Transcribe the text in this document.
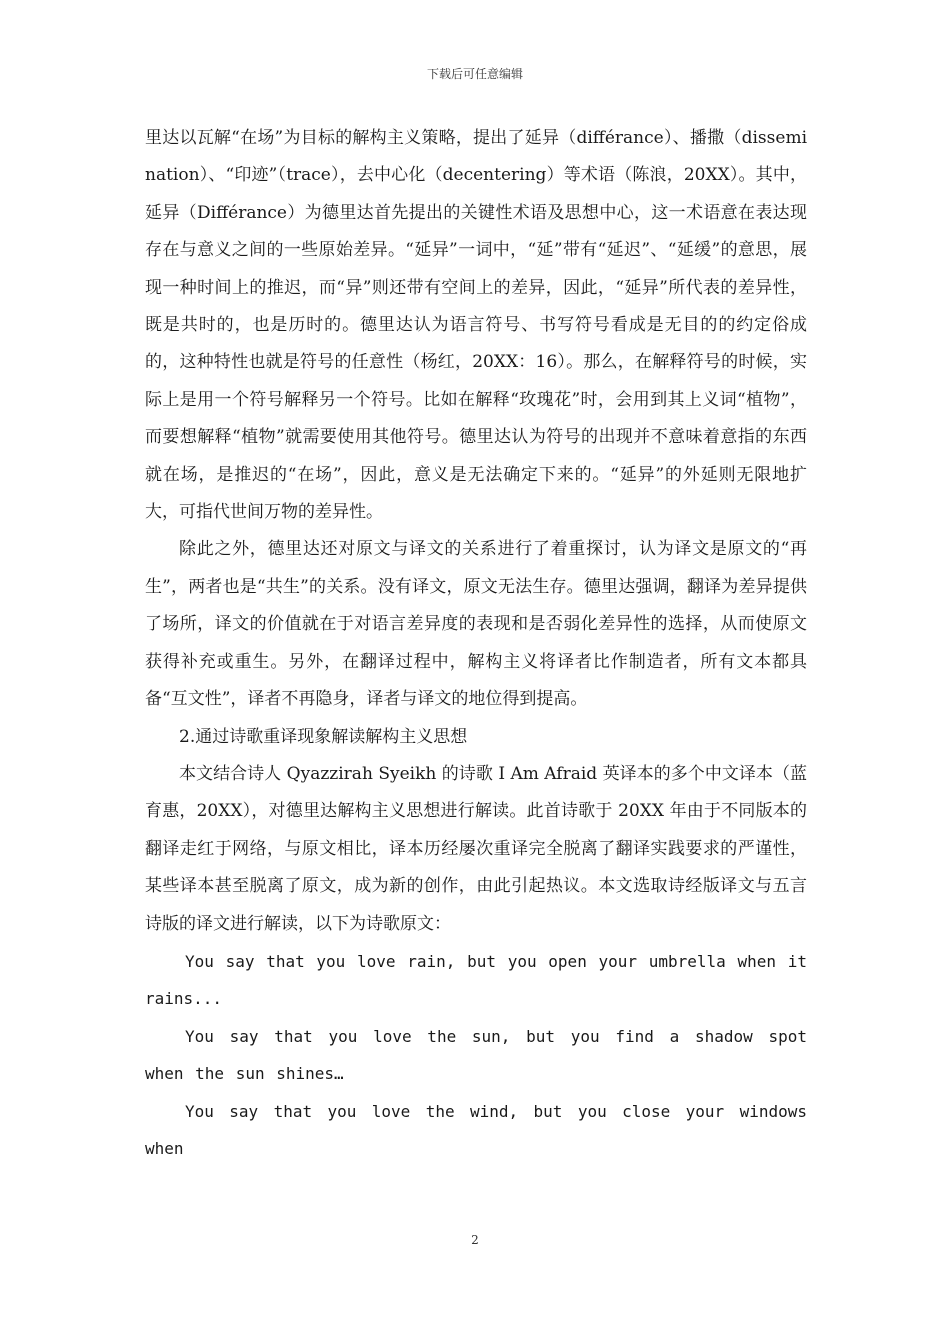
下载后可任意编辑

里达以瓦解“在场”为目标的解构主义策略，提出了延异（différance）、播撒（dissemination）、“印迹”（trace），去中心化（decentering）等术语（陈浪，20XX）。其中，延异（Différance）为德里达首先提出的关键性术语及思想中心，这一术语意在表达现存在与意义之间的一些原始差异。“延异”一词中，“延”带有“延迟”、“延缓”的意思，展现一种时间上的推迟，而“异”则还带有空间上的差异，因此，“延异”所代表的差异性，既是共时的，也是历时的。德里达认为语言符号、书写符号看成是无目的的约定俗成的，这种特性也就是符号的任意性（杨红，20XX：16）。那么，在解释符号的时候，实际上是用一个符号解释另一个符号。比如在解释“玫瑰花”时，会用到其上义词“植物”，而要想解释“植物”就需要使用其他符号。德里达认为符号的出现并不意味着意指的东西就在场，是推迟的“在场”，因此，意义是无法确定下来的。“延异”的外延则无限地扩大，可指代世间万物的差异性。

除此之外，德里达还对原文与译文的关系进行了着重探讨，认为译文是原文的“再生”，两者也是“共生”的关系。没有译文，原文无法生存。德里达强调，翻译为差异提供了场所，译文的价值就在于对语言差异度的表现和是否弱化差异性的选择，从而使原文获得补充或重生。另外，在翻译过程中，解构主义将译者比作制造者，所有文本都具备“互文性”，译者不再隐身，译者与译文的地位得到提高。

2.通过诗歌重译现象解读解构主义思想

本文结合诗人 Qyazzirah Syeikh 的诗歌 I Am Afraid 英译本的多个中文译本（蓝育惠，20XX），对德里达解构主义思想进行解读。此首诗歌于 20XX 年由于不同版本的翻译走红于网络，与原文相比，译本历经屡次重译完全脱离了翻译实践要求的严谨性，某些译本甚至脱离了原文，成为新的创作，由此引起热议。本文选取诗经版译文与五言诗版的译文进行解读，以下为诗歌原文：

You say that you love rain, but you open your umbrella when it rains...

You say that you love the sun, but you find a shadow spot when the sun shines…

You say that you love the wind, but you close your windows when

2
